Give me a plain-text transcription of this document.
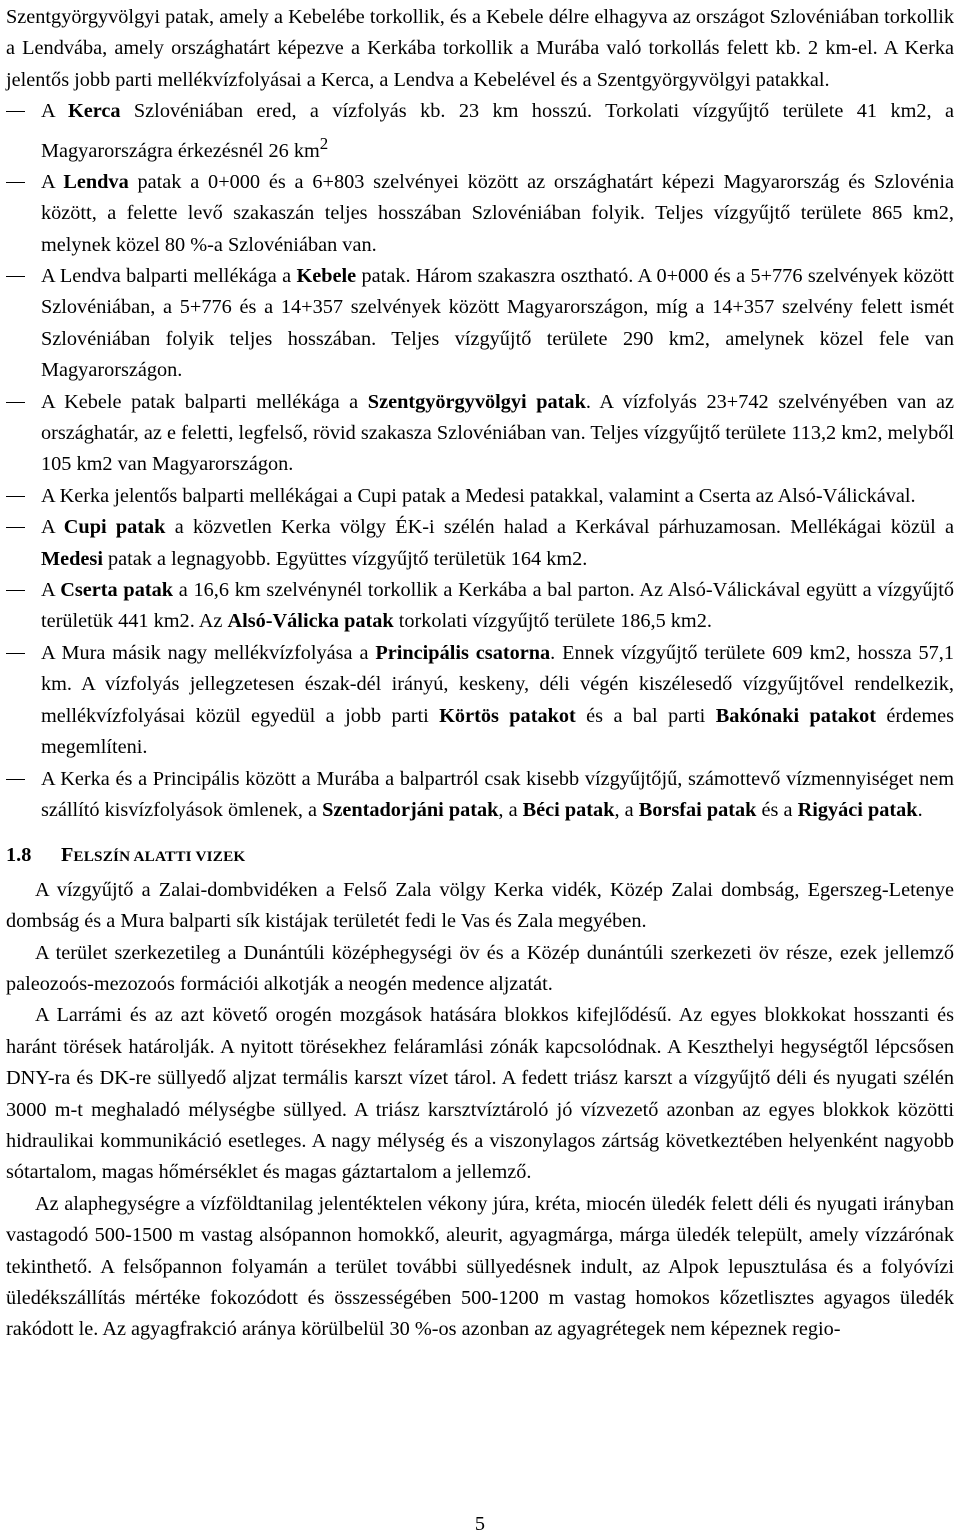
Szentgyörgyvölgyi patak, amely a Kebelébe torkollik, és a Kebele délre elhagyva az országot Szlovéniában torkollik a Lendvába, amely országhatárt képezve a Kerkába torkollik a Murába való torkollás felett kb. 2 km-el. A Kerka jelentős jobb parti mellékvízfolyásai a Kerca, a Lendva a Kebelével és a Szentgyörgyvölgyi patakkal.

A Kerca Szlovéniában ered, a vízfolyás kb. 23 km hosszú. Torkolati vízgyűjtő területe 41 km2, a Magyarországra érkezésnél 26 $km^2$
A Lendva patak a 0+000 és a 6+803 szelvényei között az országhatárt képezi Magyarország és Szlovénia között, a felette levő szakaszán teljes hosszában Szlovéniában folyik. Teljes vízgyűjtő területe 865 km2, melynek közel 80 %-a Szlovéniában van.
A Lendva balparti mellékága a Kebele patak. Három szakaszra osztható. A 0+000 és a 5+776 szelvények között Szlovéniában, a 5+776 és a 14+357 szelvények között Magyarországon, míg a 14+357 szelvény felett ismét Szlovéniában folyik teljes hosszában. Teljes vízgyűjtő területe 290 km2, amelynek közel fele van Magyarországon.
A Kebele patak balparti mellékága a Szentgyörgyvölgyi patak. A vízfolyás 23+742 szelvényében van az országhatár, az e feletti, legfelső, rövid szakasza Szlovéniában van. Teljes vízgyűjtő területe 113,2 km2, melyből 105 km2 van Magyarországon.
A Kerka jelentős balparti mellékágai a Cupi patak a Medesi patakkal, valamint a Cserta az Alsó-Válickával.
A Cupi patak a közvetlen Kerka völgy ÉK-i szélén halad a Kerkával párhuzamosan. Mellékágai közül a Medesi patak a legnagyobb. Együttes vízgyűjtő területük 164 km2.
A Cserta patak a 16,6 km szelvénynél torkollik a Kerkába a bal parton. Az Alsó-Válickával együtt a vízgyűjtő területük 441 km2. Az Alsó-Válicka patak torkolati vízgyűjtő területe 186,5 km2.
A Mura másik nagy mellékvízfolyása a Principális csatorna. Ennek vízgyűjtő területe 609 km2, hossza 57,1 km. A vízfolyás jellegzetesen észak-dél irányú, keskeny, déli végén kiszélesedő vízgyűjtővel rendelkezik, mellékvízfolyásai közül egyedül a jobb parti Körtös patakot és a bal parti Bakónaki patakot érdemes megemlíteni.
A Kerka és a Principális között a Murába a balpartról csak kisebb vízgyűjtőjű, számottevő vízmennyiséget nem szállító kisvízfolyások ömlenek, a Szentadorjáni patak, a Béci patak, a Borsfai patak és a Rigyáci patak.
1.8 FELSZÍN ALATTI VIZEK

A vízgyűjtő a Zalai-dombvidéken a Felső Zala völgy Kerka vidék, Közép Zalai dombság, Egerszeg-Letenye dombság és a Mura balparti sík kistájak területét fedi le Vas és Zala megyében.

A terület szerkezetileg a Dunántúli középhegységi öv és a Közép dunántúli szerkezeti öv része, ezek jellemző paleozoós-mezozoós formációi alkotják a neogén medence aljzatát.

A Larrámi és az azt követő orogén mozgások hatására blokkos kifejlődésű. Az egyes blokkokat hosszanti és haránt törések határolják. A nyitott törésekhez feláramlási zónák kapcsolódnak. A Keszthelyi hegységtől lépcsősen DNY-ra és DK-re süllyedő aljzat termális karszt vízet tárol. A fedett triász karszt a vízgyűjtő déli és nyugati szélén 3000 m-t meghaladó mélységbe süllyed. A triász karsztvíztároló jó vízvezető azonban az egyes blokkok közötti hidraulikai kommunikáció esetleges. A nagy mélység és a viszonylagos zártság következtében helyenként nagyobb sótartalom, magas hőmérséklet és magas gáztartalom a jellemző.

Az alaphegységre a vízföldtanilag jelentéktelen vékony júra, kréta, miocén üledék felett déli és nyugati irányban vastagodó 500-1500 m vastag alsópannon homokkő, aleurit, agyagmárga, márga üledék települt, amely vízzárónak tekinthető. A felsőpannon folyamán a terület további süllyedésnek indult, az Alpok lepusztulása és a folyóvízi üledékszállítás mértéke fokozódott és összességében 500-1200 m vastag homokos kőzetlisztes agyagos üledék rakódott le. Az agyagfrakció aránya körülbelül 30 %-os azonban az agyagrétegek nem képeznek regio-

5
